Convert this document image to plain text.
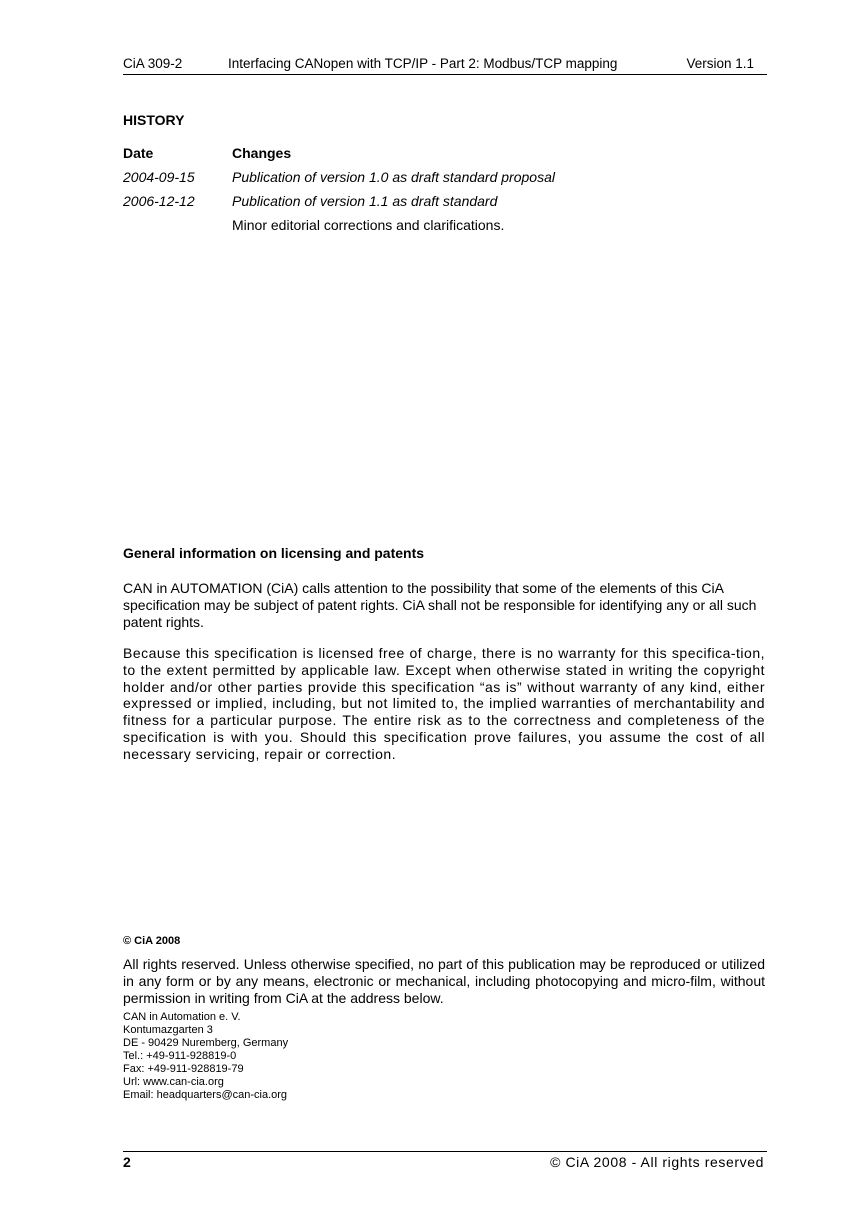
CiA 309-2	Interfacing CANopen with TCP/IP - Part 2: Modbus/TCP mapping	Version 1.1
HISTORY
Date	Changes
2004-09-15	Publication of version 1.0 as draft standard proposal
2006-12-12	Publication of version 1.1 as draft standard
Minor editorial corrections and clarifications.
General information on licensing and patents
CAN in AUTOMATION (CiA) calls attention to the possibility that some of the elements of this CiA specification may be subject of patent rights. CiA shall not be responsible for identifying any or all such patent rights.
Because this specification is licensed free of charge, there is no warranty for this specifica-tion, to the extent permitted by applicable law. Except when otherwise stated in writing the copyright holder and/or other parties provide this specification “as is” without warranty of any kind, either expressed or implied, including, but not limited to, the implied warranties of merchantability and fitness for a particular purpose. The entire risk as to the correctness and completeness of the specification is with you. Should this specification prove failures, you assume the cost of all necessary servicing, repair or correction.
© CiA 2008
All rights reserved. Unless otherwise specified, no part of this publication may be reproduced or utilized in any form or by any means, electronic or mechanical, including photocopying and micro-film, without permission in writing from CiA at the address below.
CAN in Automation e. V.
Kontumazgarten 3
DE - 90429 Nuremberg, Germany
Tel.: +49-911-928819-0
Fax: +49-911-928819-79
Url: www.can-cia.org
Email: headquarters@can-cia.org
2	© CiA 2008 - All rights reserved
